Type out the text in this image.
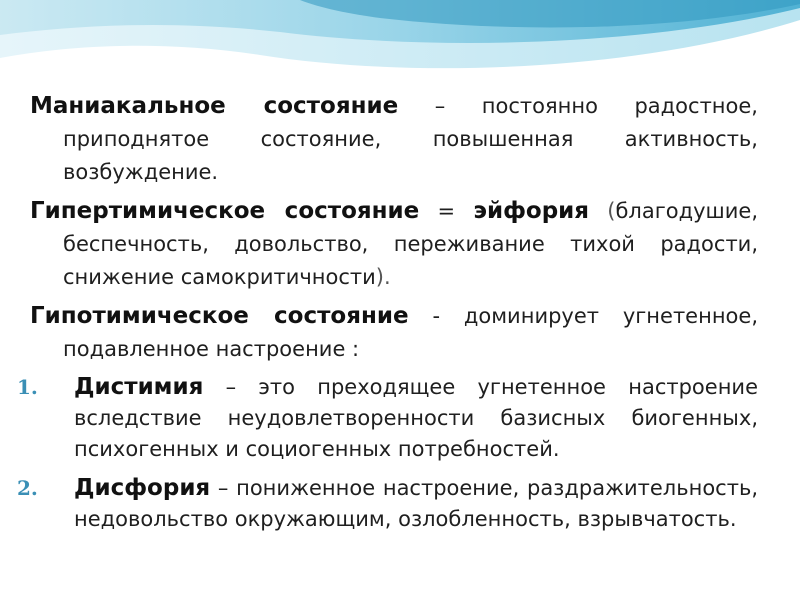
Маниакальное состояние – постоянно радостное, приподнятое состояние, повышенная активность, возбуждение.

Гипертимическое состояние = эйфория (благодушие, беспечность, довольство, переживание тихой радости, снижение самокритичности).

Гипотимическое состояние - доминирует угнетенное, подавленное настроение :

1. Дистимия – это преходящее угнетенное настроение вследствие неудовлетворенности базисных биогенных, психогенных и социогенных потребностей.
2. Дисфория – пониженное настроение, раздражительность, недовольство окружающим, озлобленность, взрывчатость.
